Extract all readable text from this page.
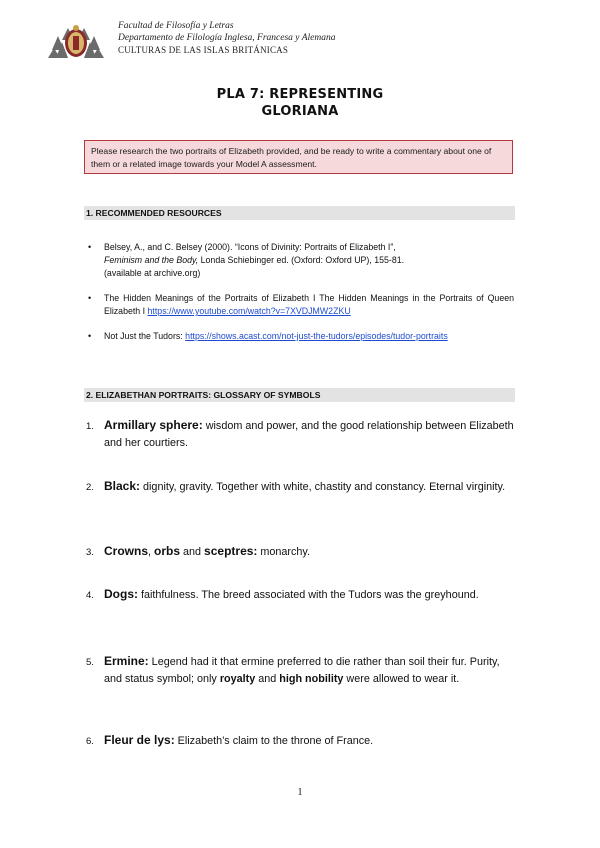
Facultad de Filosofía y Letras
Departamento de Filología Inglesa, Francesa y Alemana
CULTURAS DE LAS ISLAS BRITÁNICAS
PLA 7: REPRESENTING
GLORIANA
Please research the two portraits of Elizabeth provided, and be ready to write a commentary about one of them or a related image towards your Model A assessment.
1. RECOMMENDED RESOURCES
• Belsey, A., and C. Belsey (2000). “Icons of Divinity: Portraits of Elizabeth I”,
Feminism and the Body, Londa Schiebinger ed. (Oxford: Oxford UP), 155-81.
(available at archive.org)
• The Hidden Meanings of the Portraits of Elizabeth I The Hidden Meanings in the Portraits of Queen Elizabeth I https://www.youtube.com/watch?v=7XVDJMW2ZKU
• Not Just the Tudors: https://shows.acast.com/not-just-the-tudors/episodes/tudor-portraits
2. ELIZABETHAN PORTRAITS: GLOSSARY OF SYMBOLS
1. Armillary sphere: wisdom and power, and the good relationship between Elizabeth and her courtiers.
2. Black: dignity, gravity. Together with white, chastity and constancy. Eternal virginity.
3. Crowns, orbs and sceptres: monarchy.
4. Dogs: faithfulness. The breed associated with the Tudors was the greyhound.
5. Ermine: Legend had it that ermine preferred to die rather than soil their fur. Purity, and status symbol; only royalty and high nobility were allowed to wear it.
6. Fleur de lys: Elizabeth’s claim to the throne of France.
1
